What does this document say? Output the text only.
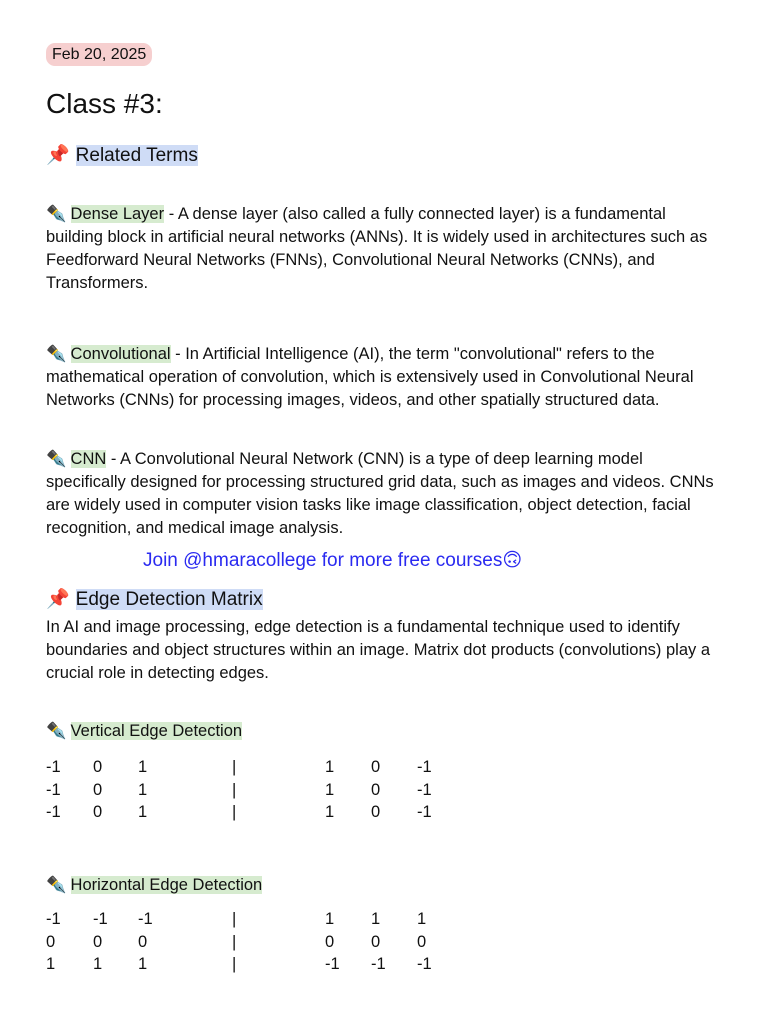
Feb 20, 2025
Class #3:
📌 Related Terms

✒️ Dense Layer - A dense layer (also called a fully connected layer) is a fundamental building block in artificial neural networks (ANNs). It is widely used in architectures such as Feedforward Neural Networks (FNNs), Convolutional Neural Networks (CNNs), and Transformers.

✒️ Convolutional - In Artificial Intelligence (AI), the term "convolutional" refers to the mathematical operation of convolution, which is extensively used in Convolutional Neural Networks (CNNs) for processing images, videos, and other spatially structured data.

✒️ CNN - A Convolutional Neural Network (CNN) is a type of deep learning model specifically designed for processing structured grid data, such as images and videos. CNNs are widely used in computer vision tasks like image classification, object detection, facial recognition, and medical image analysis.

Join @hmaracollege for more free courses🙃
📌 Edge Detection Matrix

In AI and image processing, edge detection is a fundamental technique used to identify boundaries and object structures within an image. Matrix dot products (convolutions) play a crucial role in detecting edges.

✒️ Vertical Edge Detection
-1 0 1	|	1 0 -1
-1 0 1	|	1 0 -1
-1 0 1	|	1 0 -1
✒️ Horizontal Edge Detection
-1 -1 -1	|	1 1 1
0 0 0	|	0 0 0
1 1 1	|	-1 -1 -1
